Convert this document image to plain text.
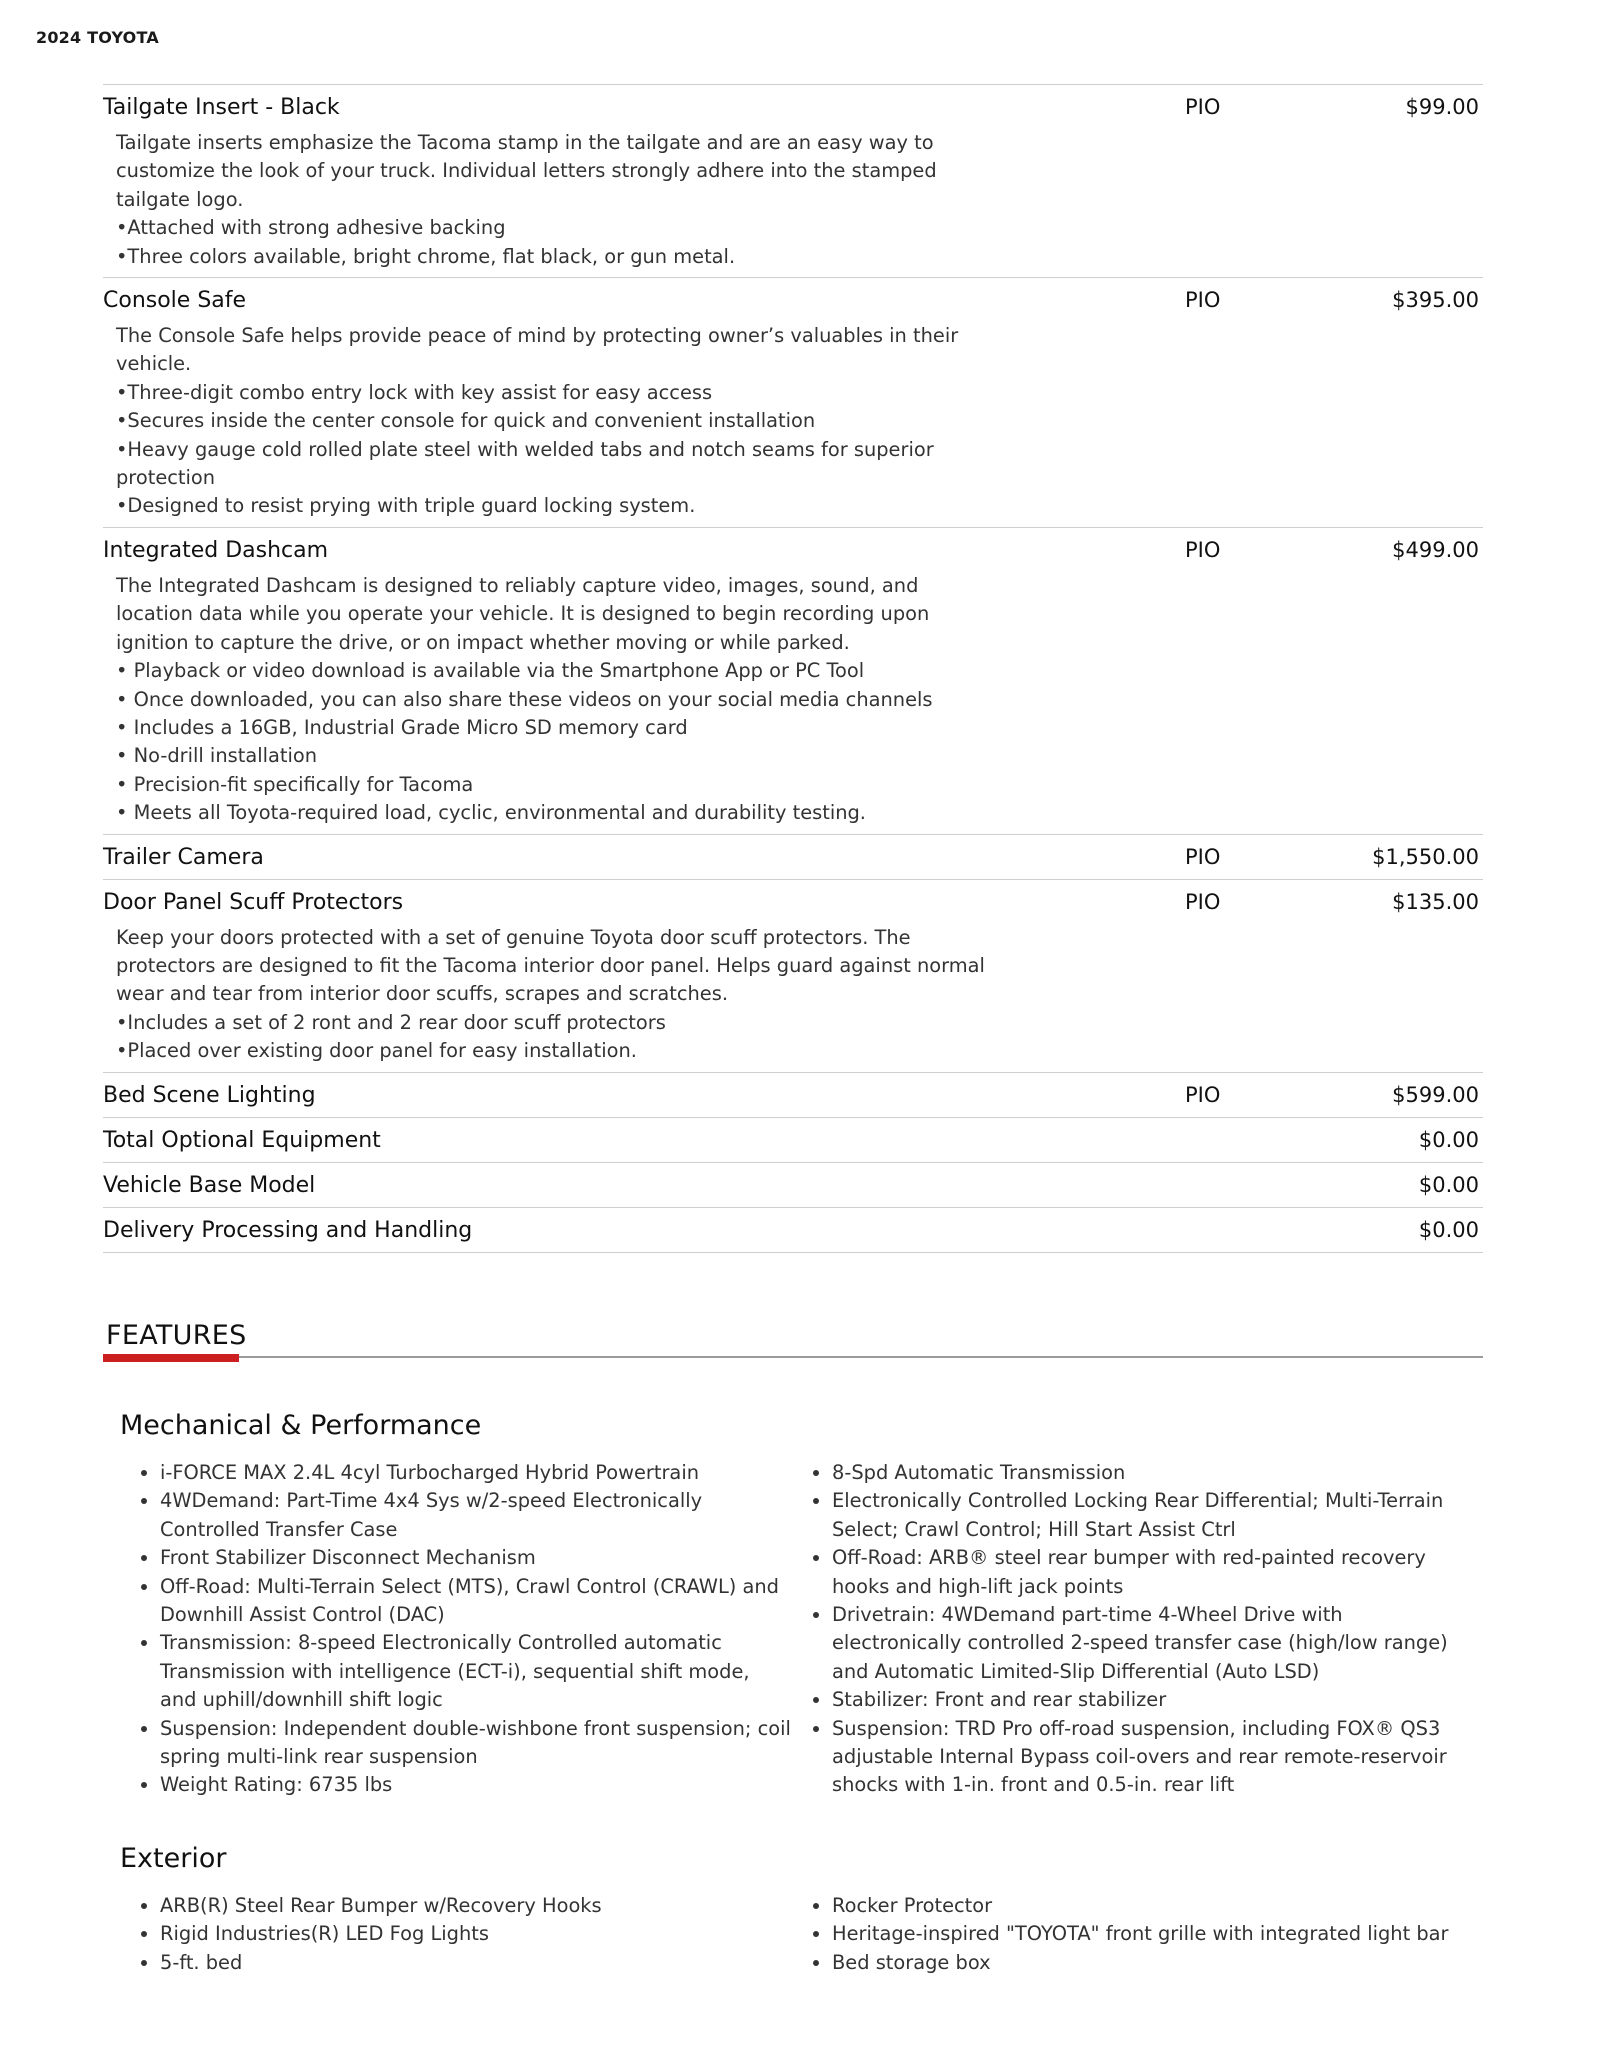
2024 TOYOTA
Tailgate Insert - Black	PIO	$99.00

Tailgate inserts emphasize the Tacoma stamp in the tailgate and are an easy way to customize the look of your truck. Individual letters strongly adhere into the stamped tailgate logo.

•Attached with strong adhesive backing

•Three colors available, bright chrome, flat black, or gun metal.

Console Safe	PIO	$395.00

The Console Safe helps provide peace of mind by protecting owner’s valuables in their vehicle.

•Three-digit combo entry lock with key assist for easy access

•Secures inside the center console for quick and convenient installation

•Heavy gauge cold rolled plate steel with welded tabs and notch seams for superior protection

•Designed to resist prying with triple guard locking system.

Integrated Dashcam	PIO	$499.00

The Integrated Dashcam is designed to reliably capture video, images, sound, and location data while you operate your vehicle. It is designed to begin recording upon ignition to capture the drive, or on impact whether moving or while parked.

• Playback or video download is available via the Smartphone App or PC Tool

• Once downloaded, you can also share these videos on your social media channels

• Includes a 16GB, Industrial Grade Micro SD memory card

• No-drill installation

• Precision-fit specifically for Tacoma

• Meets all Toyota-required load, cyclic, environmental and durability testing.

Trailer Camera	PIO	$1,550.00
Door Panel Scuff Protectors	PIO	$135.00

Keep your doors protected with a set of genuine Toyota door scuff protectors. The protectors are designed to fit the Tacoma interior door panel. Helps guard against normal wear and tear from interior door scuffs, scrapes and scratches.

•Includes a set of 2 ront and 2 rear door scuff protectors

•Placed over existing door panel for easy installation.

Bed Scene Lighting	PIO	$599.00
Total Optional Equipment	$0.00
Vehicle Base Model	$0.00
Delivery Processing and Handling	$0.00
FEATURES
Mechanical & Performance
• i-FORCE MAX 2.4L 4cyl Turbocharged Hybrid Powertrain
• 4WDemand: Part-Time 4x4 Sys w/2-speed Electronically Controlled Transfer Case
• Front Stabilizer Disconnect Mechanism
• Off-Road: Multi-Terrain Select (MTS), Crawl Control (CRAWL) and Downhill Assist Control (DAC)
• Transmission: 8-speed Electronically Controlled automatic Transmission with intelligence (ECT-i), sequential shift mode, and uphill/downhill shift logic
• Suspension: Independent double-wishbone front suspension; coil spring multi-link rear suspension
• Weight Rating: 6735 lbs
• 8-Spd Automatic Transmission
• Electronically Controlled Locking Rear Differential; Multi-Terrain Select; Crawl Control; Hill Start Assist Ctrl
• Off-Road: ARB® steel rear bumper with red-painted recovery hooks and high-lift jack points
• Drivetrain: 4WDemand part-time 4-Wheel Drive with electronically controlled 2-speed transfer case (high/low range) and Automatic Limited-Slip Differential (Auto LSD)
• Stabilizer: Front and rear stabilizer
• Suspension: TRD Pro off-road suspension, including FOX® QS3 adjustable Internal Bypass coil-overs and rear remote-reservoir shocks with 1-in. front and 0.5-in. rear lift
Exterior
• ARB(R) Steel Rear Bumper w/Recovery Hooks
• Rigid Industries(R) LED Fog Lights
• 5-ft. bed
• Rocker Protector
• Heritage-inspired "TOYOTA" front grille with integrated light bar
• Bed storage box
